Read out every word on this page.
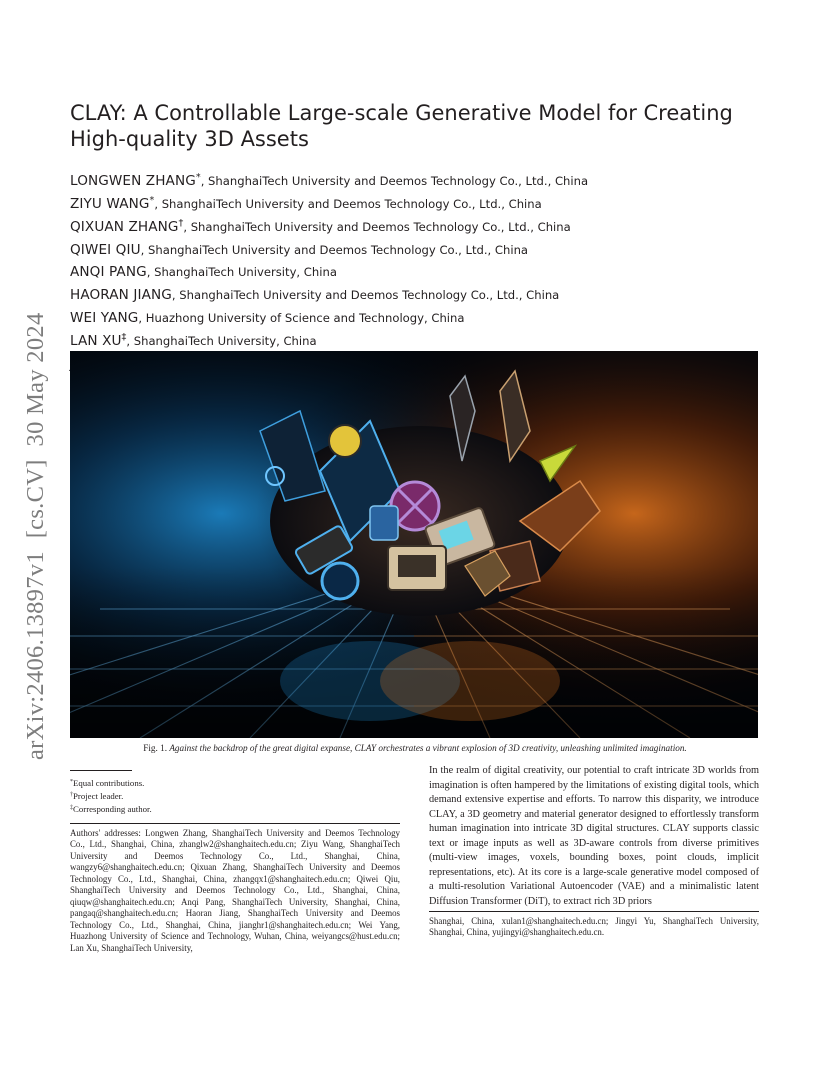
arXiv:2406.13897v1  [cs.CV]  30 May 2024
CLAY: A Controllable Large-scale Generative Model for Creating High-quality 3D Assets
LONGWEN ZHANG*, ShanghaiTech University and Deemos Technology Co., Ltd., China
ZIYU WANG*, ShanghaiTech University and Deemos Technology Co., Ltd., China
QIXUAN ZHANG†, ShanghaiTech University and Deemos Technology Co., Ltd., China
QIWEI QIU, ShanghaiTech University and Deemos Technology Co., Ltd., China
ANQI PANG, ShanghaiTech University, China
HAORAN JIANG, ShanghaiTech University and Deemos Technology Co., Ltd., China
WEI YANG, Huazhong University of Science and Technology, China
LAN XU‡, ShanghaiTech University, China
Fig. 1. Against the backdrop of the great digital expanse, CLAY orchestrates a vibrant explosion of 3D creativity, unleashing unlimited imagination.
*Equal contributions.
†Project leader.
‡Corresponding author.

Authors' addresses: Longwen Zhang, ShanghaiTech University and Deemos Technology Co., Ltd., Shanghai, China, zhanglw2@shanghaitech.edu.cn; Ziyu Wang, ShanghaiTech University and Deemos Technology Co., Ltd., Shanghai, China, wangzy6@shanghaitech.edu.cn; Qixuan Zhang, ShanghaiTech University and Deemos Technology Co., Ltd., Shanghai, China, zhangqx1@shanghaitech.edu.cn; Qiwei Qiu, ShanghaiTech University and Deemos Technology Co., Ltd., Shanghai, China, qiuqw@shanghaitech.edu.cn; Anqi Pang, ShanghaiTech University, Shanghai, China, pangaq@shanghaitech.edu.cn; Haoran Jiang, ShanghaiTech University and Deemos Technology Co., Ltd., Shanghai, China, jianghr1@shanghaitech.edu.cn; Wei Yang, Huazhong University of Science and Technology, Wuhan, China, weiyangcs@hust.edu.cn; Lan Xu, ShanghaiTech University,

In the realm of digital creativity, our potential to craft intricate 3D worlds from imagination is often hampered by the limitations of existing digital tools, which demand extensive expertise and efforts. To narrow this disparity, we introduce CLAY, a 3D geometry and material generator designed to effortlessly transform human imagination into intricate 3D digital structures. CLAY supports classic text or image inputs as well as 3D-aware controls from diverse primitives (multi-view images, voxels, bounding boxes, point clouds, implicit representations, etc). At its core is a large-scale generative model composed of a multi-resolution Variational Autoencoder (VAE) and a minimalistic latent Diffusion Transformer (DiT), to extract rich 3D priors

Shanghai, China, xulan1@shanghaitech.edu.cn; Jingyi Yu, ShanghaiTech University, Shanghai, China, yujingyi@shanghaitech.edu.cn.
